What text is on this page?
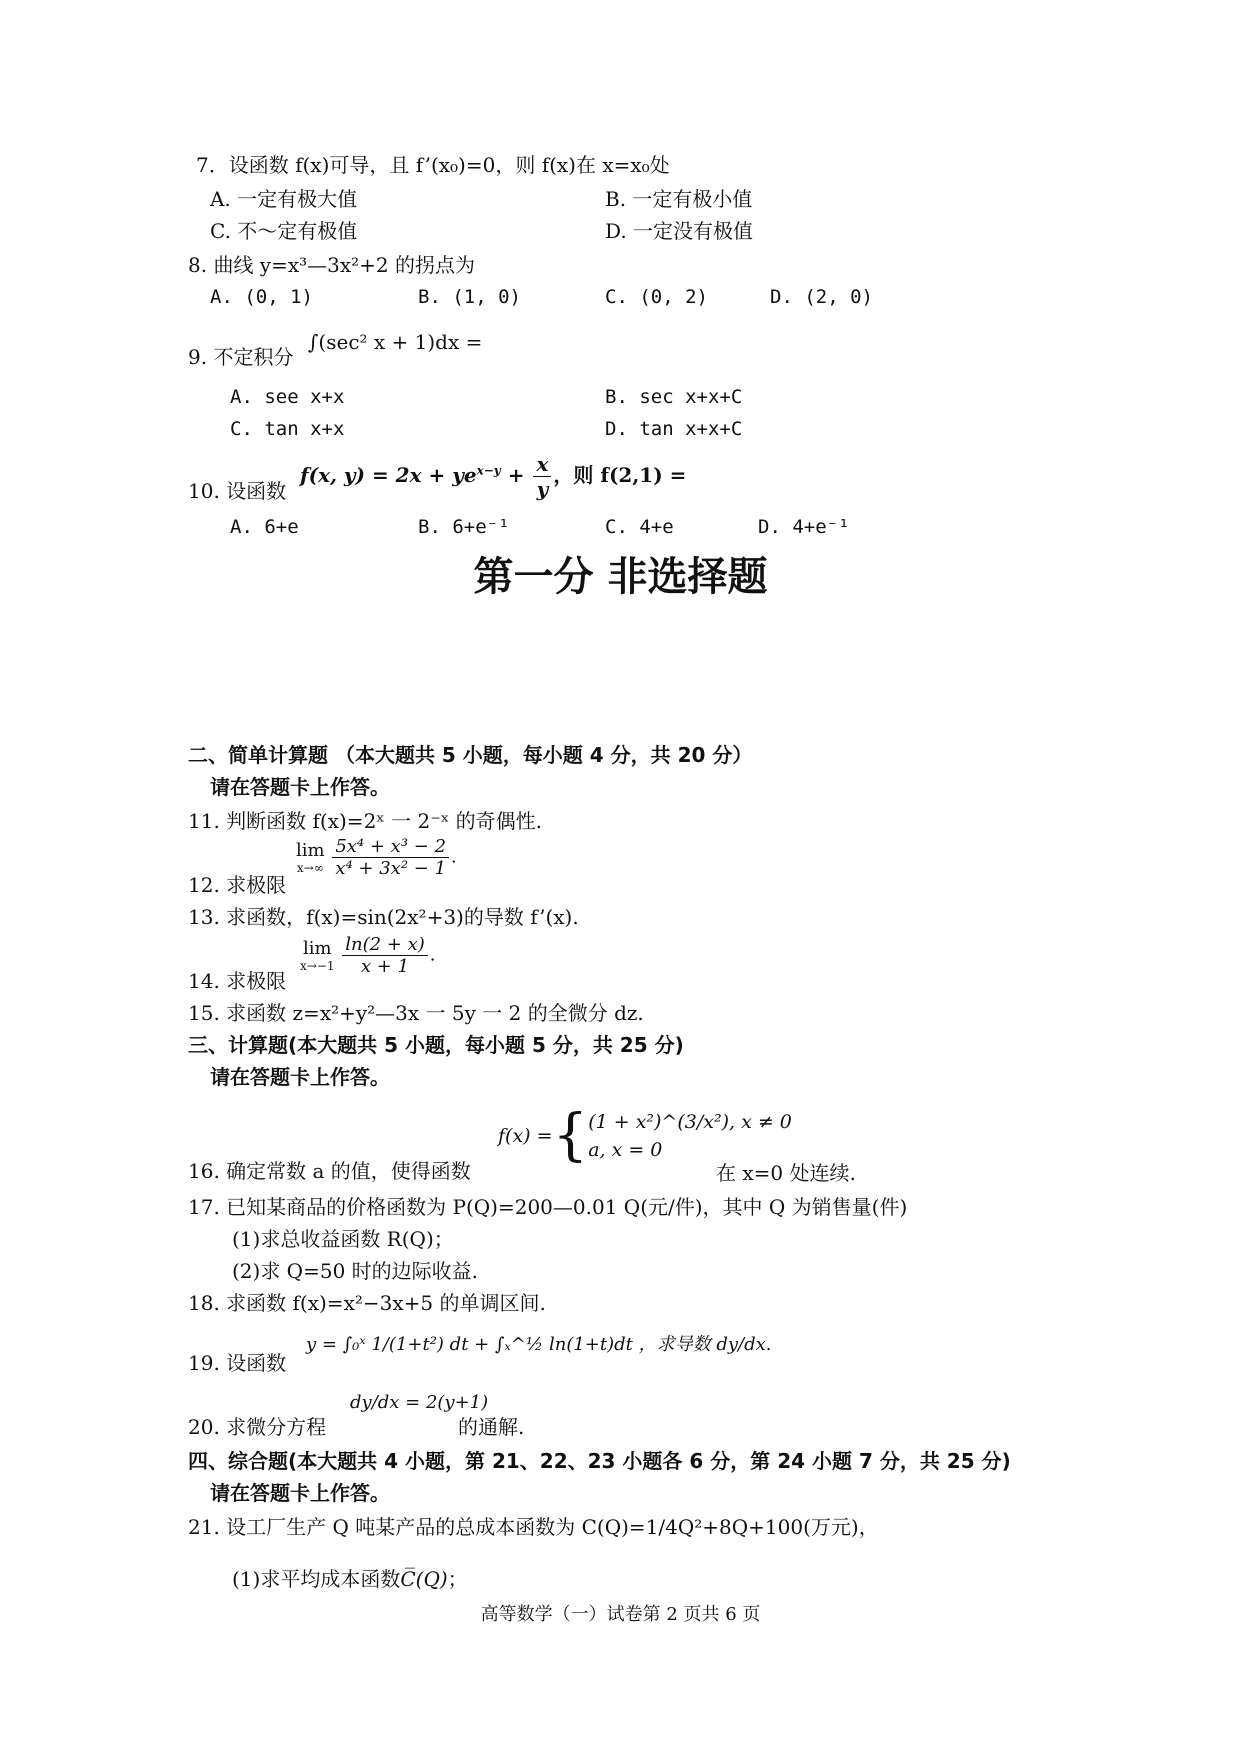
7．设函数 f(x)可导，且 f’(x₀)=0，则 f(x)在 x=x₀处
A. 一定有极大值	B. 一定有极小值
C. 不～定有极值	D. 一定没有极值
8. 曲线 y=x³—3x²+2 的拐点为
A. (0, 1)	B. (1, 0)	C. (0, 2)	D. (2, 0)
9. 不定积分
∫(sec² x + 1)dx =
A. see x+x	B. sec x+x+C
C. tan x+x	D. tan x+x+C
10. 设函数
f(x, $y) = 2x + ye^{x-y} + \frac{x}{y}$ ，则 f(2,1) =
A. 6+e	B. 6+e⁻¹	C. 4+e	D. 4+e⁻¹
第一分 非选择题
二、简单计算题 （本大题共 5 小题，每小题 4 分，共 20 分）
请在答题卡上作答。
11. 判断函数 f(x)=2ˣ 一 2⁻ˣ 的奇偶性.
12. 求极限
lim
x→∞
$\frac{\text{5x⁴ + x³ − 2}}{\text{x⁴ + 3x² − 1}}$ .
13. 求函数，f(x)=sin(2x²+3)的导数 f’(x).
14. 求极限
lim
x→−1
$\frac{\ln(2 + x)}{x + 1}$ .
15. 求函数 z=x²+y²—3x 一 5y 一 2 的全微分 dz.
三、计算题(本大题共 5 小题，每小题 5 分，共 25 分)
请在答题卡上作答。
16. 确定常数 a 的值，使得函数
f(x) ={ (1 + x²)^(3/x²), x ≠ 0
a, x = 0
在 x=0 处连续.
17. 已知某商品的价格函数为 P(Q)=200—0.01 Q(元/件)，其中 Q 为销售量(件)
(1)求总收益函数 R(Q)；
(2)求 Q=50 时的边际收益.
18. 求函数 f(x)=x²−3x+5 的单调区间.
19. 设函数
y = ∫₀ˣ 1/(1+t²) dt + ∫ₓ^½ ln(1+t)dt ，求导数 dy/dx.
20. 求微分方程
dy/dx = 2(y+1)
的通解.
四、综合题(本大题共 4 小题，第 21、22、23 小题各 6 分，第 24 小题 7 分，共 25 分)
请在答题卡上作答。
21. 设工厂生产 Q 吨某产品的总成本函数为 C(Q)=1/4Q²+8Q+100(万元)，
(1)求平均成本函数C̅(Q)；
高等数学（一）试卷第 2 页共 6 页
